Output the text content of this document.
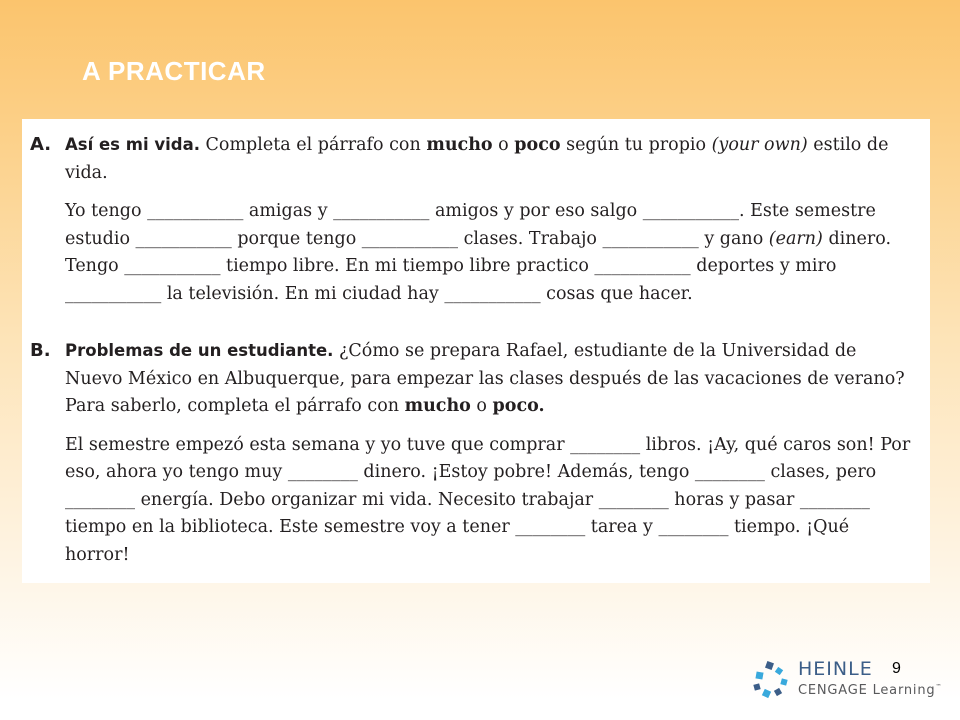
A PRACTICAR
A. Así es mi vida. Completa el párrafo con mucho o poco según tu propio (your own) estilo de vida.

Yo tengo ___________ amigas y ___________ amigos y por eso salgo ___________. Este semestre estudio ___________ porque tengo ___________ clases. Trabajo ___________ y gano (earn) dinero. Tengo ___________ tiempo libre. En mi tiempo libre practico ___________ deportes y miro ___________ la televisión. En mi ciudad hay ___________ cosas que hacer.

B. Problemas de un estudiante. ¿Cómo se prepara Rafael, estudiante de la Universidad de Nuevo México en Albuquerque, para empezar las clases después de las vacaciones de verano? Para saberlo, completa el párrafo con mucho o poco.

El semestre empezó esta semana y yo tuve que comprar ________ libros. ¡Ay, qué caros son! Por eso, ahora yo tengo muy ________ dinero. ¡Estoy pobre! Además, tengo ________ clases, pero ________ energía. Debo organizar mi vida. Necesito trabajar ________ horas y pasar ________ tiempo en la biblioteca. Este semestre voy a tener ________ tarea y ________ tiempo. ¡Qué horror!

HEINLE
CENGAGE Learning™
9
